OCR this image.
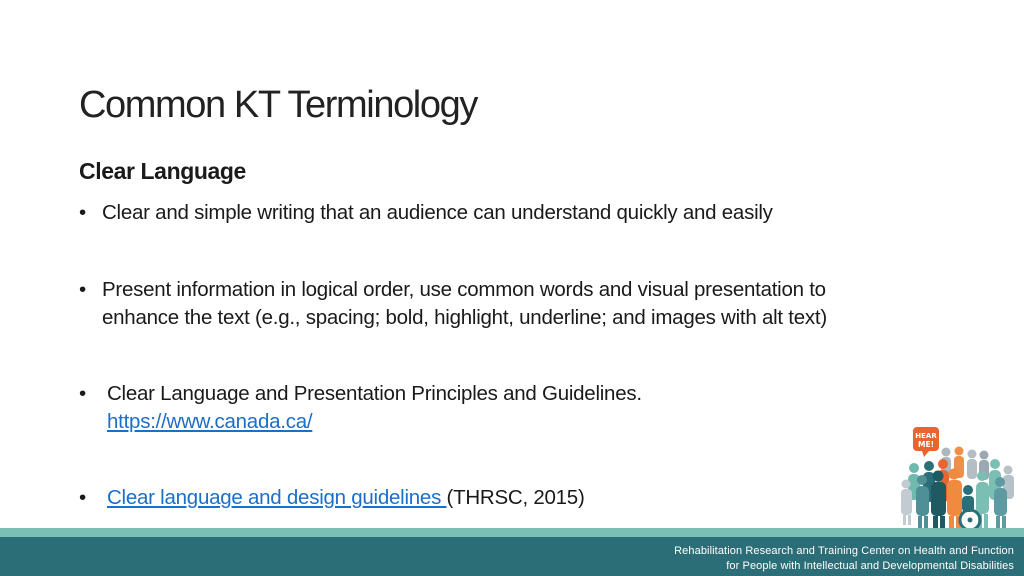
Common KT Terminology
Clear Language
• Clear and simple writing that an audience can understand quickly and easily
• Present information in logical order, use common words and visual presentation to
enhance the text (e.g., spacing; bold, highlight, underline; and images with alt text)
• Clear Language and Presentation Principles and Guidelines.
https://www.canada.ca/
• Clear language and design guidelines (THRSC, 2015)
HEAR
ME!
Rehabilitation Research and Training Center on Health and Function
for People with Intellectual and Developmental Disabilities
